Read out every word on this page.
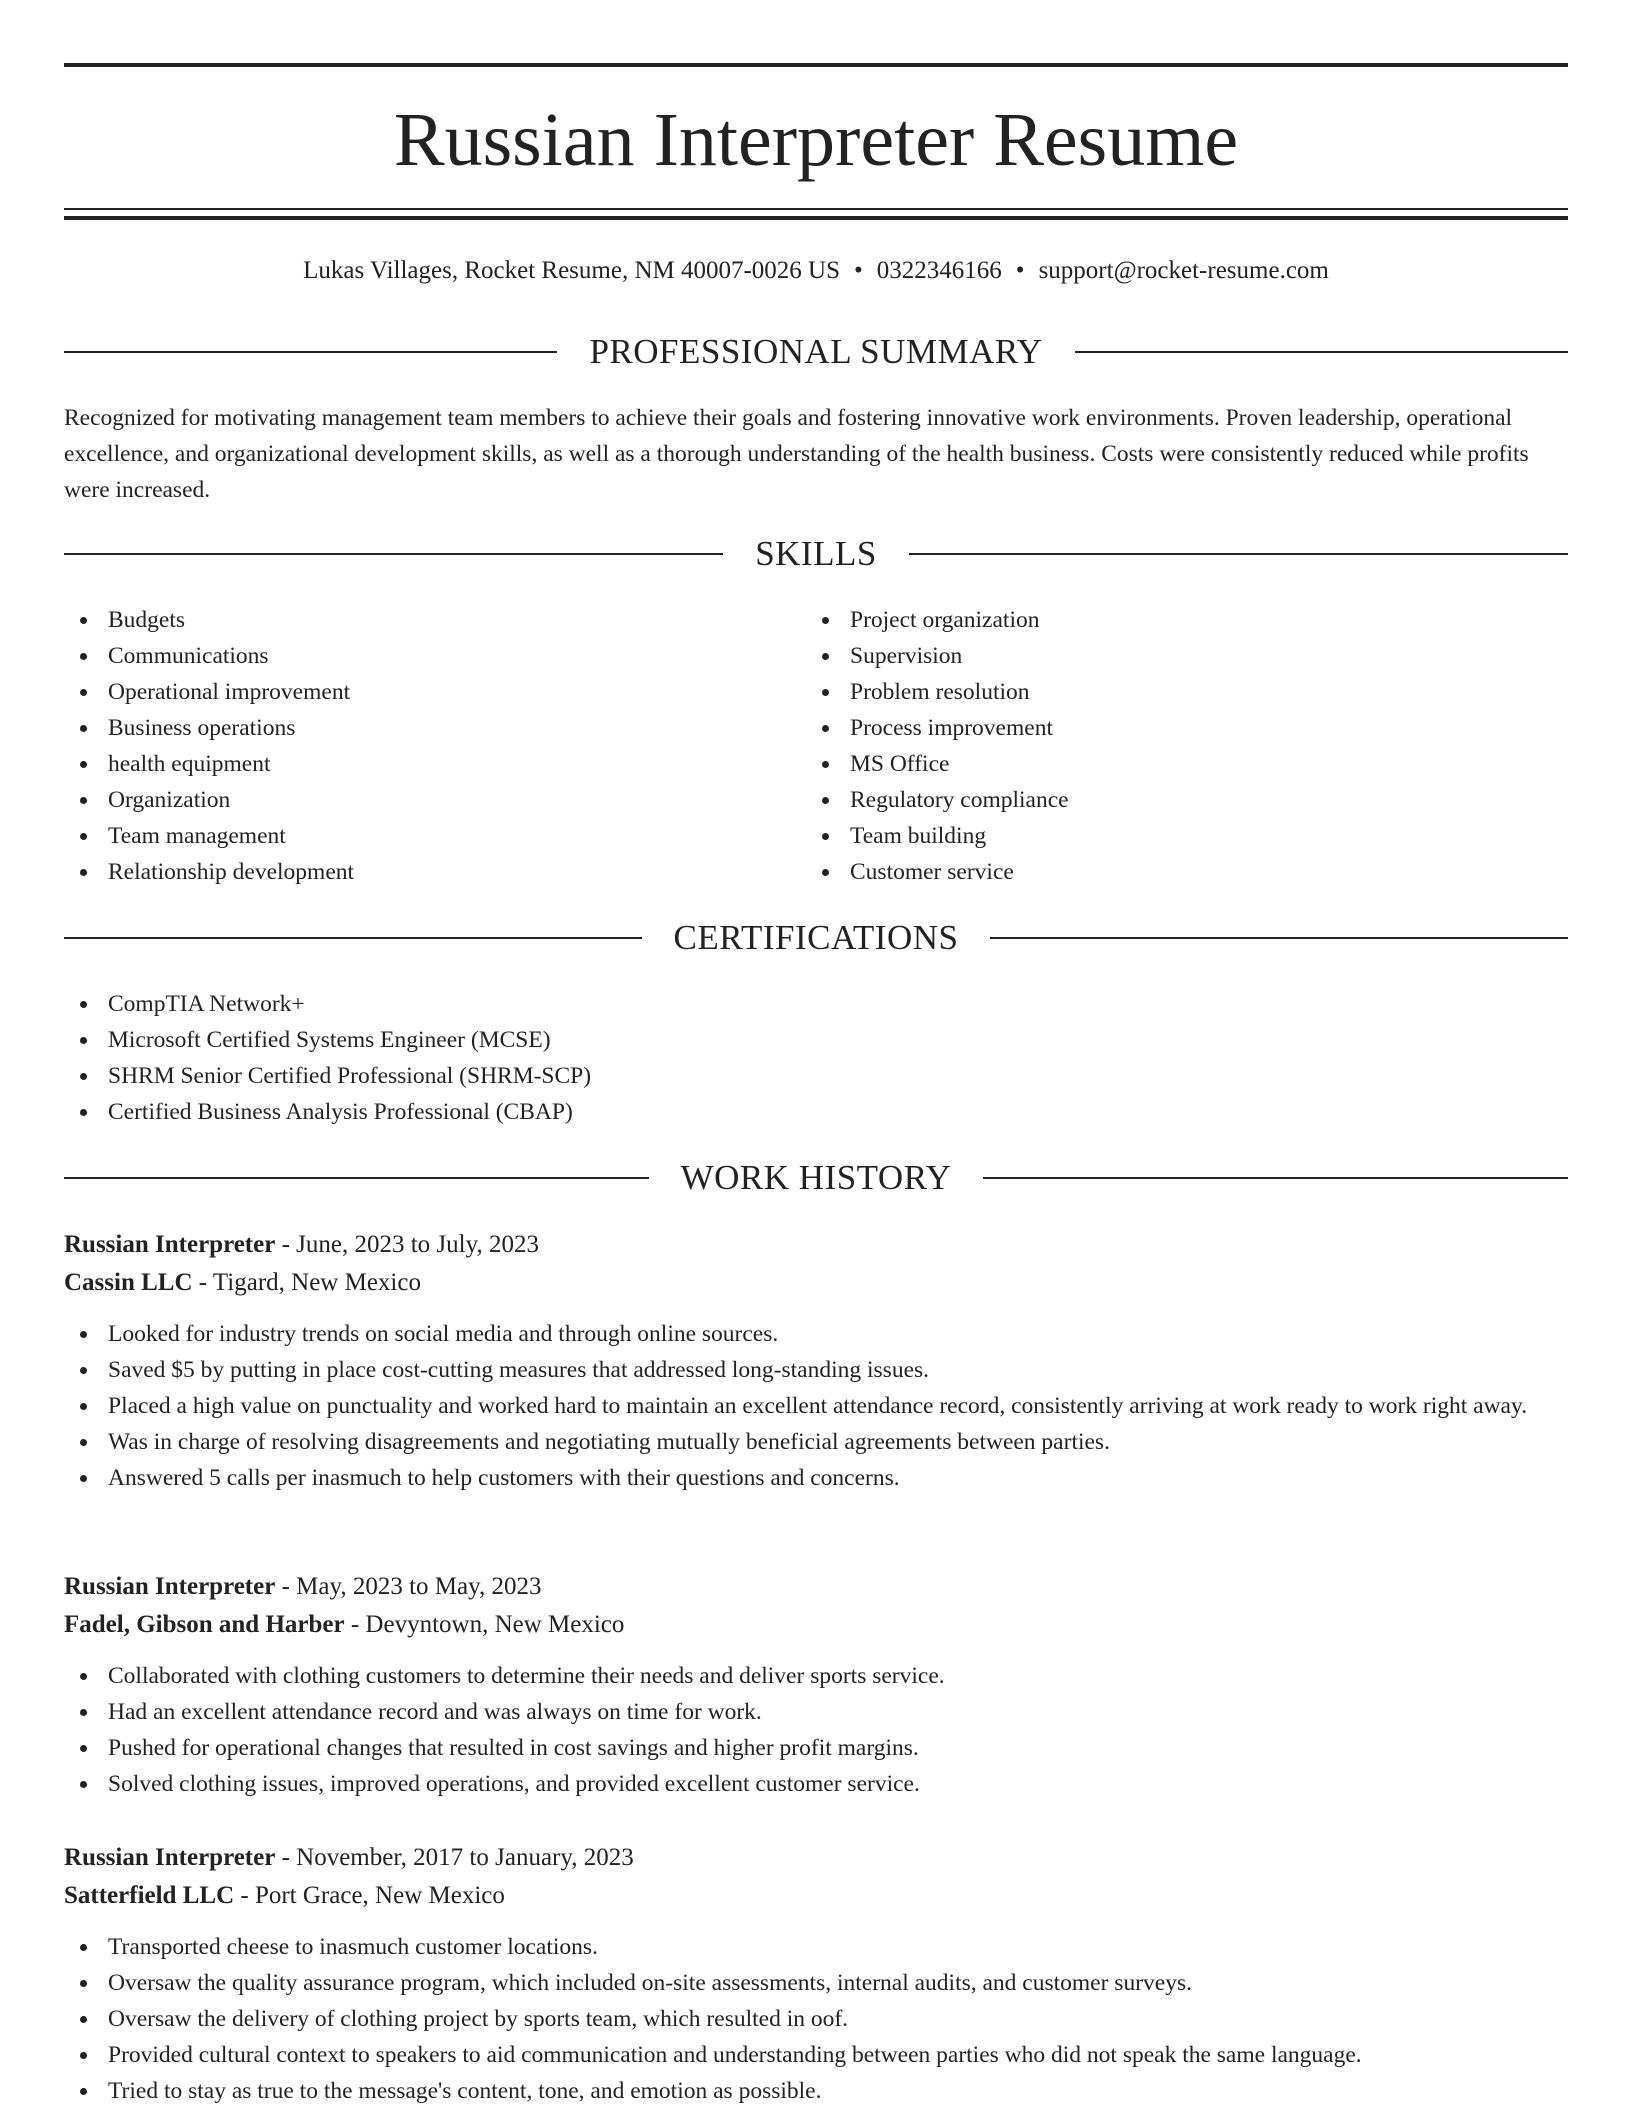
Russian Interpreter Resume
Lukas Villages, Rocket Resume, NM 40007-0026 US • 0322346166 • support@rocket-resume.com
PROFESSIONAL SUMMARY

Recognized for motivating management team members to achieve their goals and fostering innovative work environments. Proven leadership, operational excellence, and organizational development skills, as well as a thorough understanding of the health business. Costs were consistently reduced while profits were increased.

SKILLS
Budgets
Communications
Operational improvement
Business operations
health equipment
Organization
Team management
Relationship development
Project organization
Supervision
Problem resolution
Process improvement
MS Office
Regulatory compliance
Team building
Customer service
CERTIFICATIONS
CompTIA Network+
Microsoft Certified Systems Engineer (MCSE)
SHRM Senior Certified Professional (SHRM-SCP)
Certified Business Analysis Professional (CBAP)
WORK HISTORY
Russian Interpreter - June, 2023 to July, 2023
Cassin LLC - Tigard, New Mexico
Looked for industry trends on social media and through online sources.
Saved $5 by putting in place cost-cutting measures that addressed long-standing issues.
Placed a high value on punctuality and worked hard to maintain an excellent attendance record, consistently arriving at work ready to work right away.
Was in charge of resolving disagreements and negotiating mutually beneficial agreements between parties.
Answered 5 calls per inasmuch to help customers with their questions and concerns.
Russian Interpreter - May, 2023 to May, 2023
Fadel, Gibson and Harber - Devyntown, New Mexico
Collaborated with clothing customers to determine their needs and deliver sports service.
Had an excellent attendance record and was always on time for work.
Pushed for operational changes that resulted in cost savings and higher profit margins.
Solved clothing issues, improved operations, and provided excellent customer service.
Russian Interpreter - November, 2017 to January, 2023
Satterfield LLC - Port Grace, New Mexico
Transported cheese to inasmuch customer locations.
Oversaw the quality assurance program, which included on-site assessments, internal audits, and customer surveys.
Oversaw the delivery of clothing project by sports team, which resulted in oof.
Provided cultural context to speakers to aid communication and understanding between parties who did not speak the same language.
Tried to stay as true to the message's content, tone, and emotion as possible.
